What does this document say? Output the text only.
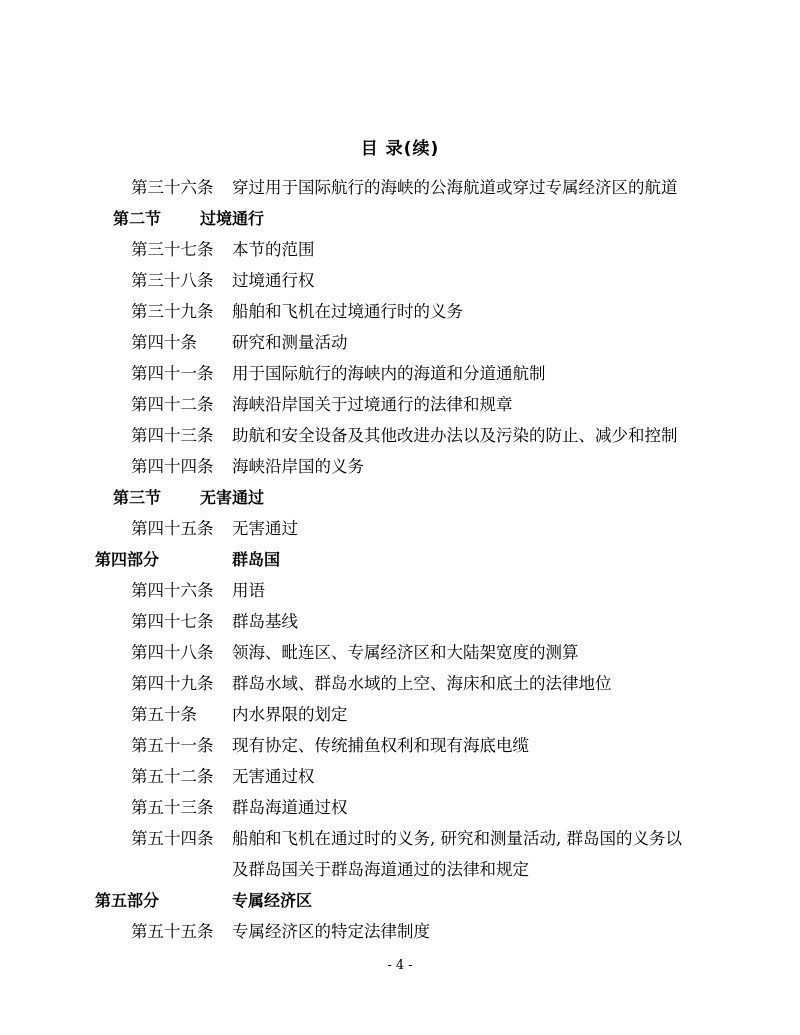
目 录(续)
第三十六条 穿过用于国际航行的海峡的公海航道或穿过专属经济区的航道
第二节 过境通行
第三十七条 本节的范围
第三十八条 过境通行权
第三十九条 船舶和飞机在过境通行时的义务
第四十条 研究和测量活动
第四十一条 用于国际航行的海峡内的海道和分道通航制
第四十二条 海峡沿岸国关于过境通行的法律和规章
第四十三条 助航和安全设备及其他改进办法以及污染的防止、减少和控制
第四十四条 海峡沿岸国的义务
第三节 无害通过
第四十五条 无害通过
第四部分	群岛国
第四十六条 用语
第四十七条 群岛基线
第四十八条 领海、毗连区、专属经济区和大陆架宽度的测算
第四十九条 群岛水域、群岛水域的上空、海床和底土的法律地位
第五十条 内水界限的划定
第五十一条 现有协定、传统捕鱼权利和现有海底电缆
第五十二条 无害通过权
第五十三条 群岛海道通过权
第五十四条 船舶和飞机在通过时的义务, 研究和测量活动, 群岛国的义务以
及群岛国关于群岛海道通过的法律和规定
第五部分	专属经济区
第五十五条 专属经济区的特定法律制度
- 4 -
